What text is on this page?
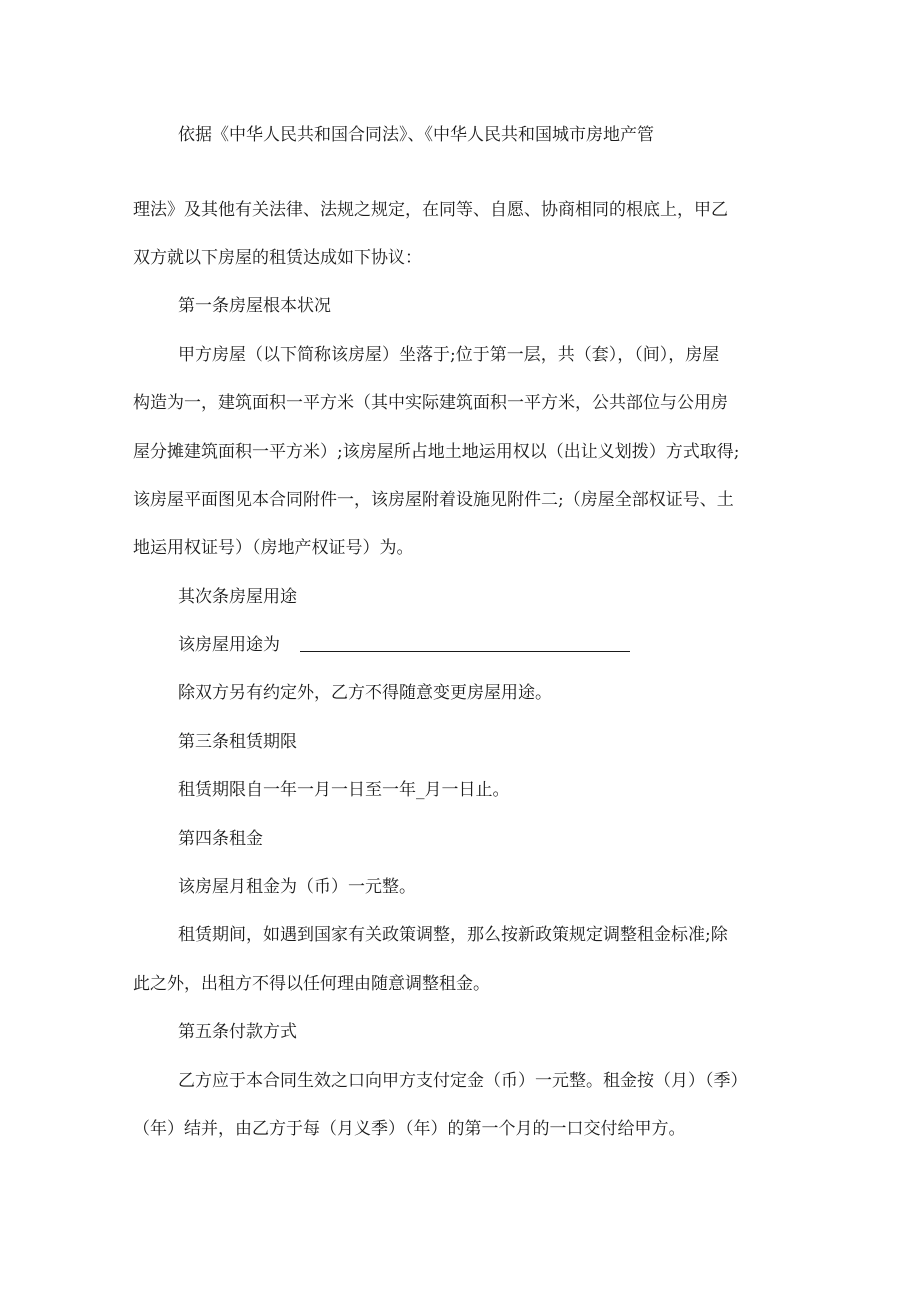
依据《中华人民共和国合同法》、《中华人民共和国城市房地产管

理法》及其他有关法律、法规之规定，在同等、自愿、协商相同的根底上，甲乙

双方就以下房屋的租赁达成如下协议：

第一条房屋根本状况

甲方房屋（以下简称该房屋）坐落于;位于第一层，共（套），（间），房屋

构造为一，建筑面积一平方米（其中实际建筑面积一平方米，公共部位与公用房

屋分摊建筑面积一平方米）;该房屋所占地土地运用权以（出让义划拨）方式取得;

该房屋平面图见本合同附件一，该房屋附着设施见附件二;（房屋全部权证号、土

地运用权证号）（房地产权证号）为。

其次条房屋用途

该房屋用途为

除双方另有约定外，乙方不得随意变更房屋用途。

第三条租赁期限

租赁期限自一年一月一日至一年_月一日止。

第四条租金

该房屋月租金为（币）一元整。

租赁期间，如遇到国家有关政策调整，那么按新政策规定调整租金标准;除

此之外，出租方不得以任何理由随意调整租金。

第五条付款方式

乙方应于本合同生效之口向甲方支付定金（币）一元整。租金按（月）（季）

（年）结并，由乙方于每（月义季）（年）的第一个月的一口交付给甲方。
